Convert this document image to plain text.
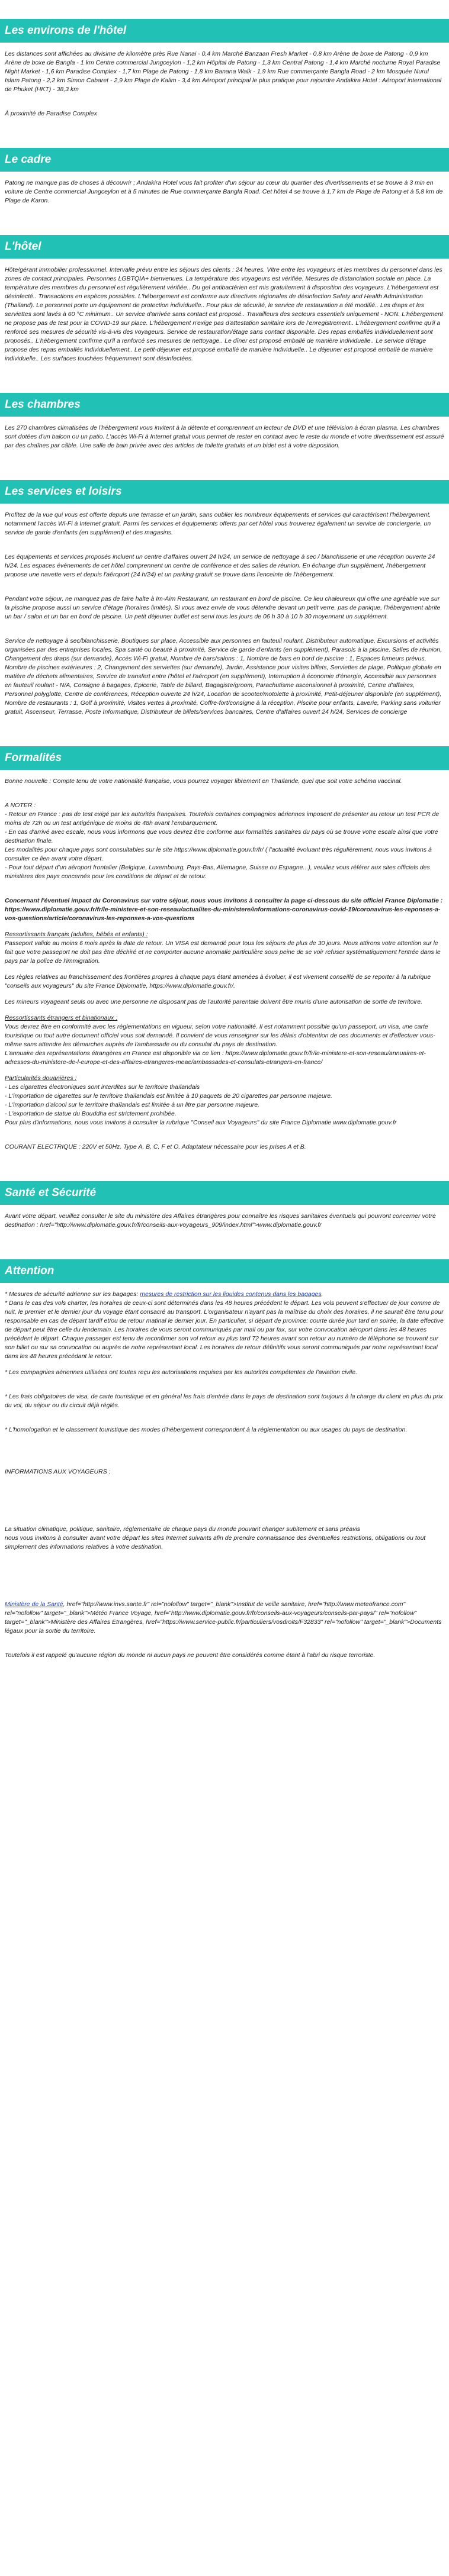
Les environs de l'hôtel

Les distances sont affichées au divisime de kilomètre près Rue Nanai - 0,4 km Marché Banzaan Fresh Market - 0,8 km Arène de boxe de Patong - 0,9 km Arène de boxe de Bangla - 1 km Centre commercial Jungceylon - 1,2 km Hôpital de Patong - 1,3 km Central Patong - 1,4 km Marché nocturne Royal Paradise Night Market - 1,6 km Paradise Complex - 1,7 km Plage de Patong - 1,8 km Banana Walk - 1,9 km Rue commerçante Bangla Road - 2 km Mosquée Nurul Islam Patong - 2,2 km Simon Cabaret - 2,9 km Plage de Kalim - 3,4 km Aéroport principal le plus pratique pour rejoindre Andakira Hotel : Aéroport international de Phuket (HKT) - 38,3 km

À proximité de Paradise Complex

Le cadre

Patong ne manque pas de choses à découvrir ; Andakira Hotel vous fait profiter d'un séjour au cœur du quartier des divertissements et se trouve à 3 min en voiture de Centre commercial Jungceylon et à 5 minutes de Rue commerçante Bangla Road. Cet hôtel 4 se trouve à 1,7 km de Plage de Patong et à 5,8 km de Plage de Karon.

L'hôtel

Hôte/gérant immobilier professionnel. Intervalle prévu entre les séjours des clients : 24 heures. Vitre entre les voyageurs et les membres du personnel dans les zones de contact principales. Personnes LGBTQIA+ bienvenues. La température des voyageurs est vérifiée. Mesures de distanciation sociale en place. La température des membres du personnel est régulièrement vérifiée.. Du gel antibactérien est mis gratuitement à disposition des voyageurs. L'hébergement est désinfecté.. Transactions en espèces possibles. L'hébergement est conforme aux directives régionales de désinfection Safety and Health Administration (Thailand). Le personnel porte un équipement de protection individuelle.. Pour plus de sécurité, le service de restauration a été modifié.. Les draps et les serviettes sont lavés à 60 °C minimum.. Un service d'arrivée sans contact est proposé.. Travailleurs des secteurs essentiels uniquement - NON. L'hébergement ne propose pas de test pour la COVID-19 sur place. L'hébergement n'exige pas d'attestation sanitaire lors de l'enregistrement.. L'hébergement confirme qu'il a renforcé ses mesures de sécurité vis-à-vis des voyageurs. Service de restauration/étage sans contact disponible. Des repas emballés individuellement sont proposés.. L'hébergement confirme qu'il a renforcé ses mesures de nettoyage.. Le dîner est proposé emballé de manière individuelle.. Le service d'étage propose des repas emballés individuellement.. Le petit-déjeuner est proposé emballé de manière individuelle.. Le déjeuner est proposé emballé de manière individuelle.. Les surfaces touchées fréquemment sont désinfectées.

Les chambres

Les 270 chambres climatisées de l'hébergement vous invitent à la détente et comprennent un lecteur de DVD et une télévision à écran plasma. Les chambres sont dotées d'un balcon ou un patio. L'accès Wi-Fi à Internet gratuit vous permet de rester en contact avec le reste du monde et votre divertissement est assuré par des chaînes par câble. Une salle de bain privée avec des articles de toilette gratuits et un bidet est à votre disposition.

Les services et loisirs

Profitez de la vue qui vous est offerte depuis une terrasse et un jardin, sans oublier les nombreux équipements et services qui caractérisent l'hébergement, notamment l'accès Wi-Fi à Internet gratuit. Parmi les services et équipements offerts par cet hôtel vous trouverez également un service de conciergerie, un service de garde d'enfants (en supplément) et des magasins.

Les équipements et services proposés incluent un centre d'affaires ouvert 24 h/24, un service de nettoyage à sec / blanchisserie et une réception ouverte 24 h/24. Les espaces événements de cet hôtel comprennent un centre de conférence et des salles de réunion. En échange d'un supplément, l'hébergement propose une navette vers et depuis l'aéroport (24 h/24) et un parking gratuit se trouve dans l'enceinte de l'hébergement.

Pendant votre séjour, ne manquez pas de faire halte à Im-Aim Restaurant, un restaurant en bord de piscine. Ce lieu chaleureux qui offre une agréable vue sur la piscine propose aussi un service d'étage (horaires limités). Si vous avez envie de vous détendre devant un petit verre, pas de panique, l'hébergement abrite un bar / salon et un bar en bord de piscine. Un petit déjeuner buffet est servi tous les jours de 06 h 30 à 10 h 30 moyennant un supplément.

Service de nettoyage à sec/blanchisserie, Boutiques sur place, Accessible aux personnes en fauteuil roulant, Distributeur automatique, Excursions et activités organisées par des entreprises locales, Spa santé ou beauté à proximité, Service de garde d'enfants (en supplément), Parasols à la piscine, Salles de réunion, Changement des draps (sur demande), Accès Wi-Fi gratuit, Nombre de bars/salons : 1, Nombre de bars en bord de piscine : 1, Espaces fumeurs prévus, Nombre de piscines extérieures : 2, Changement des serviettes (sur demande), Jardin, Assistance pour visites billets, Serviettes de plage, Politique globale en matière de déchets alimentaires, Service de transfert entre l'hôtel et l'aéroport (en supplément), Interruption à économie d'énergie, Accessible aux personnes en fauteuil roulant - N/A, Consigne à bagages, Épicerie, Table de billard, Bagagiste/groom, Parachutisme ascensionnel à proximité, Centre d'affaires, Personnel polyglotte, Centre de conférences, Réception ouverte 24 h/24, Location de scooter/motolette à proximité, Petit-déjeuner disponible (en supplément), Nombre de restaurants : 1, Golf à proximité, Visites vertes à proximité, Coffre-fort/consigne à la réception, Piscine pour enfants, Laverie, Parking sans voiturier gratuit, Ascenseur, Terrasse, Poste Informatique, Distributeur de billets/services bancaires, Centre d'affaires ouvert 24 h/24, Services de concierge

Formalités

Bonne nouvelle : Compte tenu de votre nationalité française, vous pourrez voyager librement en Thaïlande, quel que soit votre schéma vaccinal.

A NOTER :

- Retour en France : pas de test exigé par les autorités françaises. Toutefois certaines compagnies aériennes imposent de présenter au retour un test PCR de moins de 72h ou un test antigénique de moins de 48h avant l'embarquement.

- En cas d'arrivé avec escale, nous vous informons que vous devrez être conforme aux formalités sanitaires du pays où se trouve votre escale ainsi que votre destination finale.

Les modalités pour chaque pays sont consultables sur le site https://www.diplomatie.gouv.fr/fr/ ( l'actualité évoluant très régulièrement, nous vous invitons à consulter ce lien avant votre départ.

- Pour tout départ d'un aéroport frontalier (Belgique, Luxembourg, Pays-Bas, Allemagne, Suisse ou Espagne...), veuillez vous référer aux sites officiels des ministères des pays concernés pour les conditions de départ et de retour.

Concernant l'éventuel impact du Coronavirus sur votre séjour, nous vous invitons à consulter la page ci-dessous du site officiel France Diplomatie : https://www.diplomatie.gouv.fr/fr/le-ministere-et-son-reseau/actualites-du-ministere/informations-coronavirus-covid-19/coronavirus-les-reponses-a-vos-questions/article/coronavirus-les-reponses-a-vos-questions

Ressortissants français (adultes, bébés et enfants) :

Passeport valide au moins 6 mois après la date de retour. Un VISA est demandé pour tous les séjours de plus de 30 jours. Nous attirons votre attention sur le fait que votre passeport ne doit pas être déchiré et ne comporter aucune anomalie particulière sous peine de se voir refuser systématiquement l'entrée dans le pays par la police de l'immigration.

Les règles relatives au franchissement des frontières propres à chaque pays étant amenées à évoluer, il est vivement conseillé de se reporter à la rubrique "conseils aux voyageurs" du site France Diplomatie, https://www.diplomatie.gouv.fr/.

Les mineurs voyageant seuls ou avec une personne ne disposant pas de l'autorité parentale doivent être munis d'une autorisation de sortie de territoire.

Ressortissants étrangers et binationaux :

Vous devrez être en conformité avec les réglementations en vigueur, selon votre nationalité. Il est notamment possible qu'un passeport, un visa, une carte touristique ou tout autre document officiel vous soit demandé. Il convient de vous renseigner sur les délais d'obtention de ces documents et d'effectuer vous-même sans attendre les démarches auprès de l'ambassade ou du consulat du pays de destination.

L'annuaire des représentations étrangères en France est disponible via ce lien : https://www.diplomatie.gouv.fr/fr/le-ministere-et-son-reseau/annuaires-et-adresses-du-ministere-de-l-europe-et-des-affaires-etrangeres-meae/ambassades-et-consulats-etrangers-en-france/

Particularités douanières :

- Les cigarettes électroniques sont interdites sur le territoire thaïlandais

- L'importation de cigarettes sur le territoire thaïlandais est limitée à 10 paquets de 20 cigarettes par personne majeure.

- L'importation d'alcool sur le territoire thaïlandais est limitée à un litre par personne majeure.

- L'exportation de statue du Bouddha est strictement prohibée.

Pour plus d'informations, nous vous invitons à consulter la rubrique "Conseil aux Voyageurs" du site France Diplomatie www.diplomatie.gouv.fr

COURANT ELECTRIQUE : 220V et 50Hz. Type A, B, C, F et O. Adaptateur nécessaire pour les prises A et B.

Santé et Sécurité

Avant votre départ, veuillez consulter le site du ministère des Affaires étrangères pour connaître les risques sanitaires éventuels qui pourront concerner votre destination : href="http://www.diplomatie.gouv.fr/fr/conseils-aux-voyageurs_909/index.html">www.diplomatie.gouv.fr

Attention

* Mesures de sécurité adrienne sur les bagages: mesures de restriction sur les liquides contenus dans les bagages.

* Dans le cas des vols charter, les horaires de ceux-ci sont déterminés dans les 48 heures précédent le départ. Les vols peuvent s'effectuer de jour comme de nuit, le premier et le dernier jour du voyage étant consacré au transport. L'organisateur n'ayant pas la maîtrise du choix des horaires, il ne saurait être tenu pour responsable en cas de départ tardif et/ou de retour matinal le dernier jour. En particulier, si départ de province: courte durée jour tard en soirée, la date effective de départ peut être celle du lendemain. Les horaires de vous seront communiqués par mail ou par fax, sur votre convocation aéroport dans les 48 heures précédent le départ. Chaque passager est tenu de reconfirmer son vol retour au plus tard 72 heures avant son retour au numéro de téléphone se trouvant sur son billet ou sur sa convocation ou auprès de notre représentant local. Les horaires de retour définitifs vous seront communiqués par notre représentant local dans les 48 heures précédant le retour.

* Les compagnies aériennes utilisées ont toutes reçu les autorisations requises par les autorités compétentes de l'aviation civile.

* Les frais obligatoires de visa, de carte touristique et en général les frais d'entrée dans le pays de destination sont toujours à la charge du client en plus du prix du vol, du séjour ou du circuit déjà réglés.

* L'homologation et le classement touristique des modes d'hébergement correspondent à la réglementation ou aux usages du pays de destination.

INFORMATIONS AUX VOYAGEURS :

La situation climatique, politique, sanitaire, réglementaire de chaque pays du monde pouvant changer subitement et sans préavis

nous vous invitons à consulter avant votre départ les sites Internet suivants afin de prendre connaissance des éventuelles restrictions, obligations ou tout simplement des informations relatives à votre destination.

Ministère de la Santé, href="http://www.invs.sante.fr" rel="nofollow" target="_blank">Institut de veille sanitaire, href="http://www.meteofrance.com" rel="nofollow" target="_blank">Météo France Voyage, href="http://www.diplomatie.gouv.fr/fr/conseils-aux-voyageurs/conseils-par-pays/" rel="nofollow" target="_blank">Ministère des Affaires Etrangères, href="https://www.service-public.fr/particuliers/vosdroits/F32833" rel="nofollow" target="_blank">Documents légaux pour la sortie du territoire.

Toutefois il est rappelé qu'aucune région du monde ni aucun pays ne peuvent être considérés comme étant à l'abri du risque terroriste.
